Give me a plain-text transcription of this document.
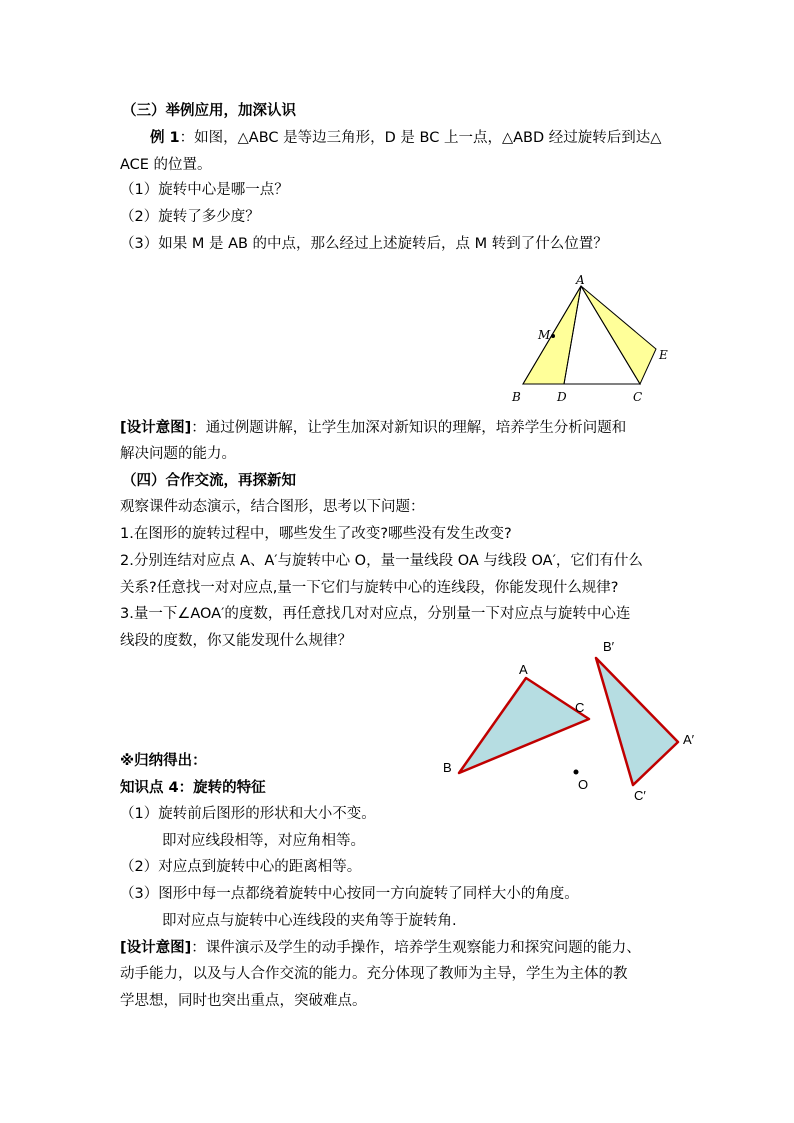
（三）举例应用，加深认识
例 1：如图，△ABC 是等边三角形，D 是 BC 上一点，△ABD 经过旋转后到达△
ACE 的位置。
（1）旋转中心是哪一点？
（2）旋转了多少度？
（3）如果 M 是 AB 的中点，那么经过上述旋转后，点 M 转到了什么位置？
A
M
E
B	D	C
[设计意图]：通过例题讲解，让学生加深对新知识的理解，培养学生分析问题和
解决问题的能力。
（四）合作交流，再探新知
观察课件动态演示，结合图形，思考以下问题：
1.在图形的旋转过程中，哪些发生了改变?哪些没有发生改变?
2.分别连结对应点 A、A′与旋转中心 O，量一量线段 OA 与线段 OA′，它们有什么
关系?任意找一对对应点,量一下它们与旋转中心的连线段，你能发现什么规律?
3.量一下∠AOA′的度数，再任意找几对对应点，分别量一下对应点与旋转中心连
线段的度数，你又能发现什么规律？
A
C
B
B′
A′
C′
O
※归纳得出：
知识点 4：旋转的特征
（1）旋转前后图形的形状和大小不变。
即对应线段相等，对应角相等。
（2）对应点到旋转中心的距离相等。
（3）图形中每一点都绕着旋转中心按同一方向旋转了同样大小的角度。
即对应点与旋转中心连线段的夹角等于旋转角.
[设计意图]：课件演示及学生的动手操作，培养学生观察能力和探究问题的能力、
动手能力，以及与人合作交流的能力。充分体现了教师为主导，学生为主体的教
学思想，同时也突出重点，突破难点。
